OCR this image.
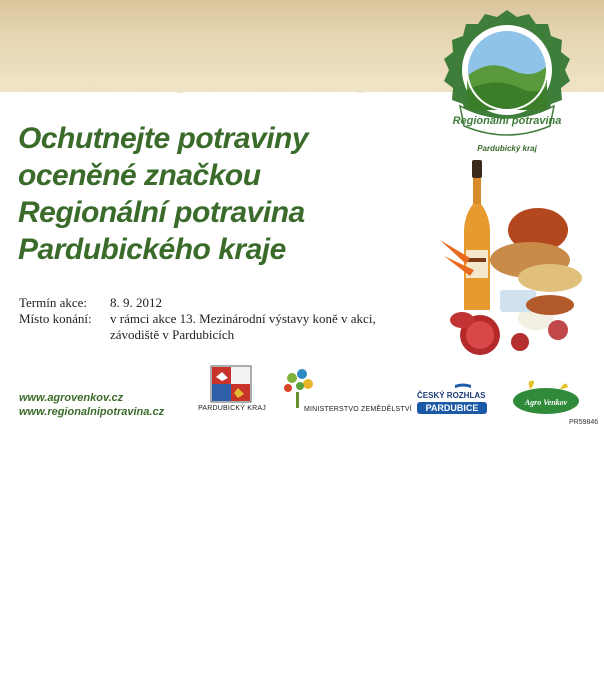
Regionální potravina
Pardubický kraj
Ochutnejte potraviny
oceněné značkou
Regionální potravina
Pardubického kraje
Termín akce:	8. 9. 2012
Místo konání:	v rámci akce 13. Mezinárodní výstavy koně v akci,
závodiště v Pardubicích
www.agrovenkov.cz
www.regionalnipotravina.cz	PARDUBICKÝ KRAJ	MINISTERSTVO ZEMĚDĚLSTVÍ
ČESKÝ ROZHLAS
PARDUBICE
Agro Venkov
PR59846
